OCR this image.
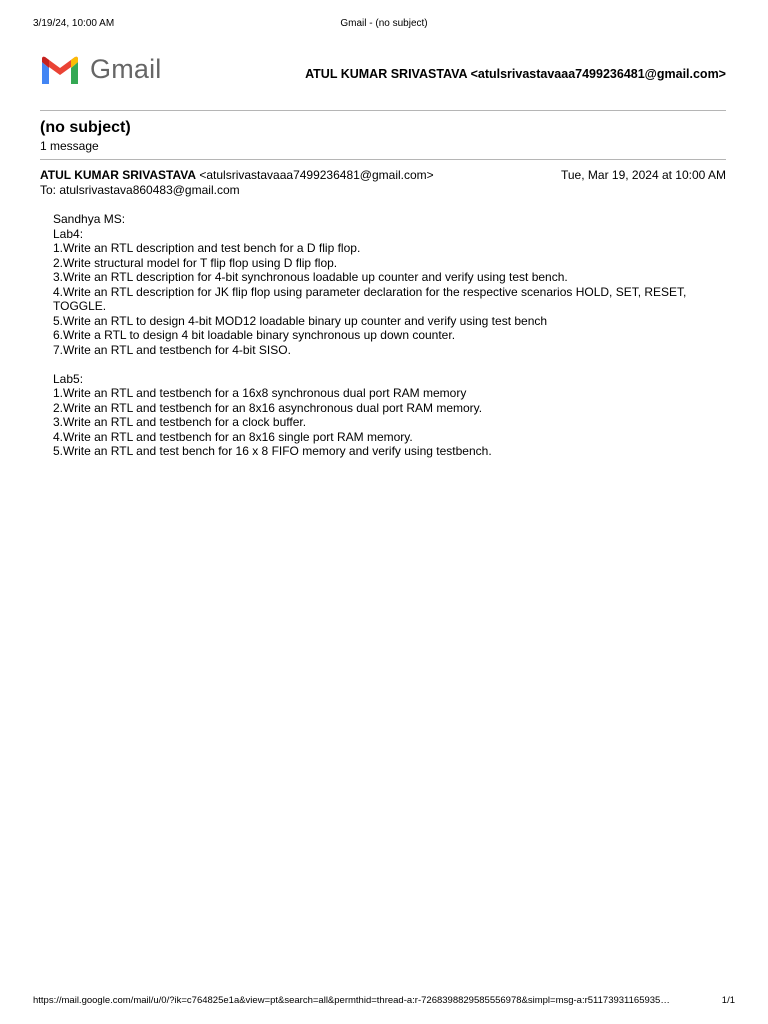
3/19/24, 10:00 AM	Gmail - (no subject)
Gmail	ATUL KUMAR SRIVASTAVA <atulsrivastavaaa7499236481@gmail.com>
(no subject)
1 message
ATUL KUMAR SRIVASTAVA <atulsrivastavaaa7499236481@gmail.com>	Tue, Mar 19, 2024 at 10:00 AM
To: atulsrivastava860483@gmail.com
Sandhya MS:
Lab4:
1.Write an RTL description and test bench for a D flip flop.
2.Write structural model for T flip flop using D flip flop.
3.Write an RTL description for 4-bit synchronous loadable up counter and verify using test bench.
4.Write an RTL description for JK flip flop using parameter declaration for the respective scenarios HOLD, SET, RESET,
TOGGLE.
5.Write an RTL to design 4-bit MOD12 loadable binary up counter and verify using test bench
6.Write a RTL to design 4 bit loadable binary synchronous up down counter.
7.Write an RTL and testbench for 4-bit SISO.
Lab5:
1.Write an RTL and testbench for a 16x8 synchronous dual port RAM memory
2.Write an RTL and testbench for an 8x16 asynchronous dual port RAM memory.
3.Write an RTL and testbench for a clock buffer.
4.Write an RTL and testbench for an 8x16 single port RAM memory.
5.Write an RTL and test bench for 16 x 8 FIFO memory and verify using testbench.
https://mail.google.com/mail/u/0/?ik=c764825e1a&view=pt&search=all&permthid=thread-a:r-7268398829585556978&simpl=msg-a:r51173931165935…	1/1
